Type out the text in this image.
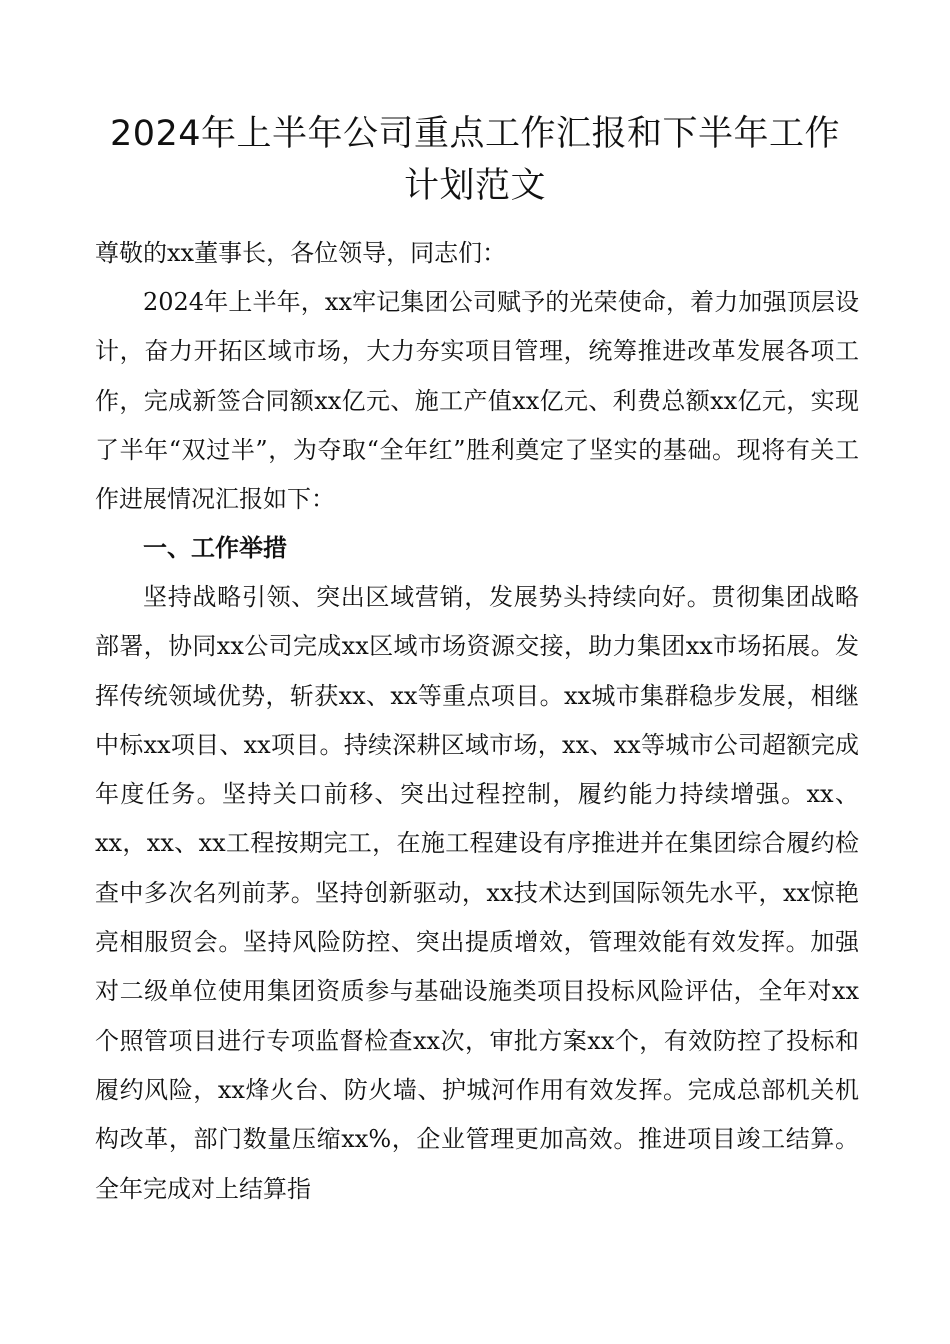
2024年上半年公司重点工作汇报和下半年工作计划范文

尊敬的xx董事长，各位领导，同志们：

2024年上半年，xx牢记集团公司赋予的光荣使命，着力加强顶层设计，奋力开拓区域市场，大力夯实项目管理，统筹推进改革发展各项工作，完成新签合同额xx亿元、施工产值xx亿元、利费总额xx亿元，实现了半年“双过半”，为夺取“全年红”胜利奠定了坚实的基础。现将有关工作进展情况汇报如下：

一、工作举措

坚持战略引领、突出区域营销，发展势头持续向好。贯彻集团战略部署，协同xx公司完成xx区域市场资源交接，助力集团xx市场拓展。发挥传统领域优势，斩获xx、xx等重点项目。xx城市集群稳步发展，相继中标xx项目、xx项目。持续深耕区域市场，xx、xx等城市公司超额完成年度任务。坚持关口前移、突出过程控制，履约能力持续增强。xx、xx，xx、xx工程按期完工，在施工程建设有序推进并在集团综合履约检查中多次名列前茅。坚持创新驱动，xx技术达到国际领先水平，xx惊艳亮相服贸会。坚持风险防控、突出提质增效，管理效能有效发挥。加强对二级单位使用集团资质参与基础设施类项目投标风险评估，全年对xx个照管项目进行专项监督检查xx次，审批方案xx个，有效防控了投标和履约风险，xx烽火台、防火墙、护城河作用有效发挥。完成总部机关机构改革，部门数量压缩xx%，企业管理更加高效。推进项目竣工结算。全年完成对上结算指
